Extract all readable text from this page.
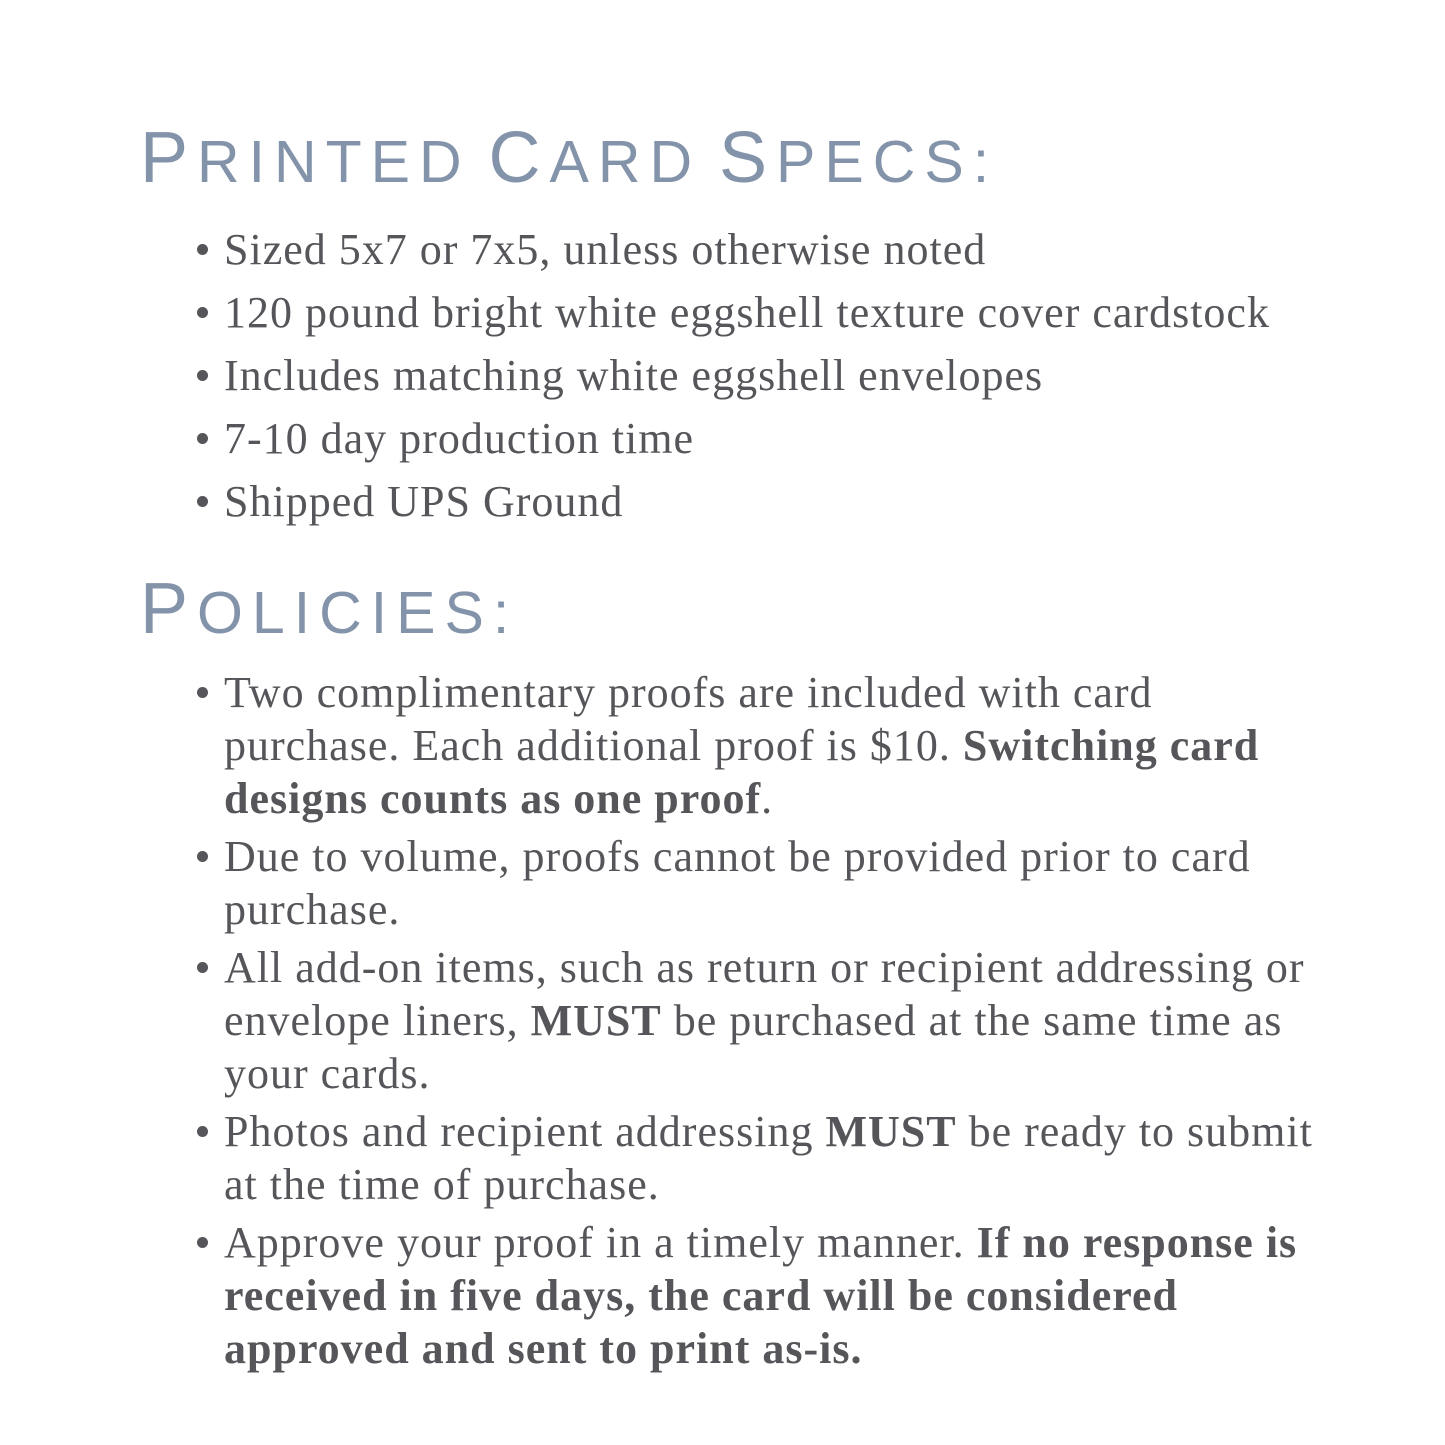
PRINTED CARD SPECS:
Sized 5x7 or 7x5, unless otherwise noted
120 pound bright white eggshell texture cover cardstock
Includes matching white eggshell envelopes
7-10 day production time
Shipped UPS Ground
POLICIES:
Two complimentary proofs are included with card
purchase. Each additional proof is $10. Switching card
designs counts as one proof.
Due to volume, proofs cannot be provided prior to card
purchase.
All add-on items, such as return or recipient addressing or
envelope liners, MUST be purchased at the same time as
your cards.
Photos and recipient addressing MUST be ready to submit
at the time of purchase.
Approve your proof in a timely manner. If no response is
received in five days, the card will be considered
approved and sent to print as-is.
